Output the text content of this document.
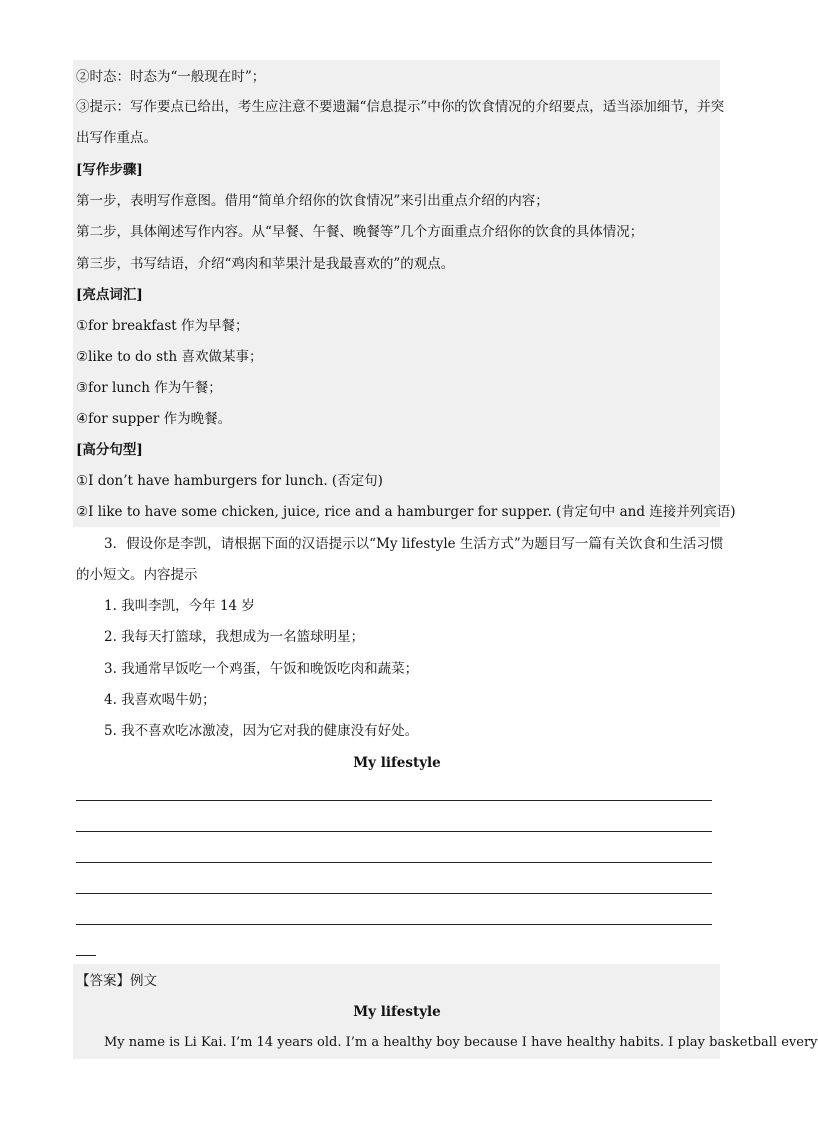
②时态：时态为“一般现在时”；
③提示：写作要点已给出，考生应注意不要遗漏“信息提示”中你的饮食情况的介绍要点，适当添加细节，并突出写作重点。
[写作步骤]
第一步，表明写作意图。借用“简单介绍你的饮食情况”来引出重点介绍的内容；
第二步，具体阐述写作内容。从“早餐、午餐、晚餐等”几个方面重点介绍你的饮食的具体情况；
第三步，书写结语，介绍“鸡肉和苹果汁是我最喜欢的”的观点。
[亮点词汇]
①for breakfast 作为早餐；
②like to do sth 喜欢做某事；
③for lunch 作为午餐；
④for supper 作为晚餐。
[高分句型]
①I don’t have hamburgers for lunch. (否定句)
②I like to have some chicken, juice, rice and a hamburger for supper. (肯定句中 and 连接并列宾语)
3．假设你是李凯，请根据下面的汉语提示以“My lifestyle 生活方式”为题目写一篇有关饮食和生活习惯的小短文。内容提示
1. 我叫李凯，今年 14 岁
2. 我每天打篮球，我想成为一名篮球明星；
3. 我通常早饭吃一个鸡蛋，午饭和晚饭吃肉和蔬菜；
4. 我喜欢喝牛奶；
5. 我不喜欢吃冰激凌，因为它对我的健康没有好处。
My lifestyle
【答案】例文
My lifestyle
My name is Li Kai. I’m 14 years old. I’m a healthy boy because I have healthy habits. I play basketball every
